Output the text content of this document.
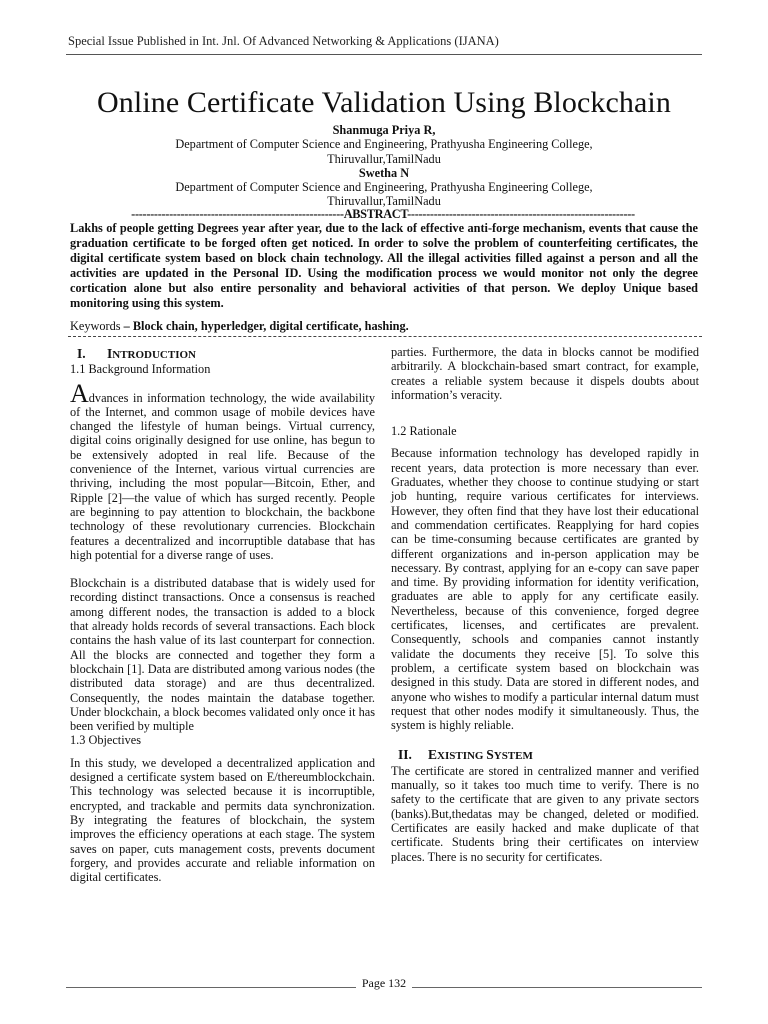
Special Issue Published in Int. Jnl. Of Advanced Networking & Applications (IJANA)
Online Certificate Validation Using Blockchain
Shanmuga Priya R,
Department of Computer Science and Engineering, Prathyusha Engineering College,
Thiruvallur,TamilNadu
Swetha N
Department of Computer Science and Engineering, Prathyusha Engineering College,
Thiruvallur,TamilNadu
--------------------------------------------------------ABSTRACT------------------------------------------------------------
Lakhs of people getting Degrees year after year, due to the lack of effective anti-forge mechanism, events that cause the graduation certificate to be forged often get noticed. In order to solve the problem of counterfeiting certificates, the digital certificate system based on block chain technology. All the illegal activities filled against a person and all the activities are updated in the Personal ID. Using the modification process we would monitor not only the degree cortication alone but also entire personality and behavioral activities of that person. We deploy Unique based monitoring using this system.
Keywords – Block chain, hyperledger, digital certificate, hashing.
I. INTRODUCTION

1.1 Background Information

Advances in information technology, the wide availability of the Internet, and common usage of mobile devices have changed the lifestyle of human beings. Virtual currency, digital coins originally designed for use online, has begun to be extensively adopted in real life. Because of the convenience of the Internet, various virtual currencies are thriving, including the most popular—Bitcoin, Ether, and Ripple [2]—the value of which has surged recently. People are beginning to pay attention to blockchain, the backbone technology of these revolutionary currencies. Blockchain features a decentralized and incorruptible database that has high potential for a diverse range of uses.

Blockchain is a distributed database that is widely used for recording distinct transactions. Once a consensus is reached among different nodes, the transaction is added to a block that already holds records of several transactions. Each block contains the hash value of its last counterpart for connection. All the blocks are connected and together they form a blockchain [1]. Data are distributed among various nodes (the distributed data storage) and are thus decentralized. Consequently, the nodes maintain the database together. Under blockchain, a block becomes validated only once it has been verified by multiple

1.3 Objectives

In this study, we developed a decentralized application and designed a certificate system based on E/thereumblockchain. This technology was selected because it is incorruptible, encrypted, and trackable and permits data synchronization. By integrating the features of blockchain, the system improves the efficiency operations at each stage. The system saves on paper, cuts management costs, prevents document forgery, and provides accurate and reliable information on digital certificates.

parties. Furthermore, the data in blocks cannot be modified arbitrarily. A blockchain-based smart contract, for example, creates a reliable system because it dispels doubts about information’s veracity.

1.2 Rationale

Because information technology has developed rapidly in recent years, data protection is more necessary than ever. Graduates, whether they choose to continue studying or start job hunting, require various certificates for interviews. However, they often find that they have lost their educational and commendation certificates. Reapplying for hard copies can be time-consuming because certificates are granted by different organizations and in-person application may be necessary. By contrast, applying for an e-copy can save paper and time. By providing information for identity verification, graduates are able to apply for any certificate easily. Nevertheless, because of this convenience, forged degree certificates, licenses, and certificates are prevalent. Consequently, schools and companies cannot instantly validate the documents they receive [5]. To solve this problem, a certificate system based on blockchain was designed in this study. Data are stored in different nodes, and anyone who wishes to modify a particular internal datum must request that other nodes modify it simultaneously. Thus, the system is highly reliable.

II. EXISTING SYSTEM

The certificate are stored in centralized manner and verified manually, so it takes too much time to verify. There is no safety to the certificate that are given to any private sectors (banks).But,thedatas may be changed, deleted or modified. Certificates are easily hacked and make duplicate of that certificate. Students bring their certificates on interview places. There is no security for certificates.

Page 132
